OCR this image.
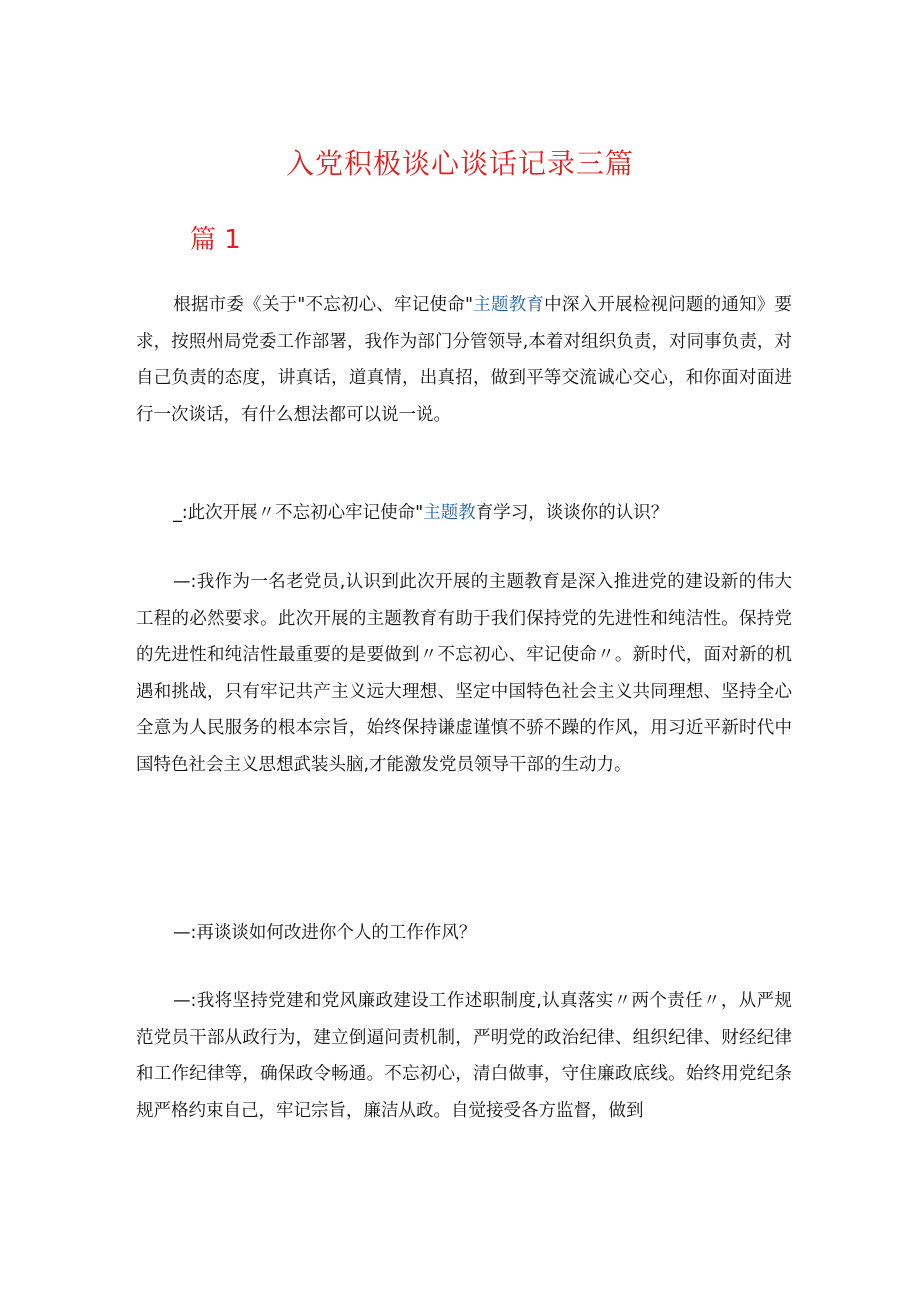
入党积极谈心谈话记录三篇
篇 1
根据市委《关于"不忘初心、牢记使命"主题教育中深入开展检视问题的通知》要求，按照州局党委工作部署，我作为部门分管领导,本着对组织负责，对同事负责，对自己负责的态度，讲真话，道真情，出真招，做到平等交流诚心交心，和你面对面进行一次谈话，有什么想法都可以说一说。
_:此次开展〃不忘初心牢记使命"主题教育学习，谈谈你的认识？
—:我作为一名老党员,认识到此次开展的主题教育是深入推进党的建设新的伟大工程的必然要求。此次开展的主题教育有助于我们保持党的先进性和纯洁性。保持党的先进性和纯洁性最重要的是要做到〃不忘初心、牢记使命〃。新时代，面对新的机遇和挑战，只有牢记共产主义远大理想、坚定中国特色社会主义共同理想、坚持全心全意为人民服务的根本宗旨，始终保持谦虚谨慎不骄不躁的作风，用习近平新时代中国特色社会主义思想武装头脑,才能激发党员领导干部的生动力。
—:再谈谈如何改进你个人的工作作风？
—:我将坚持党建和党风廉政建设工作述职制度,认真落实〃两个责任〃，从严规范党员干部从政行为，建立倒逼问责机制，严明党的政治纪律、组织纪律、财经纪律和工作纪律等，确保政令畅通。不忘初心，清白做事，守住廉政底线。始终用党纪条规严格约束自己，牢记宗旨，廉洁从政。自觉接受各方监督，做到
